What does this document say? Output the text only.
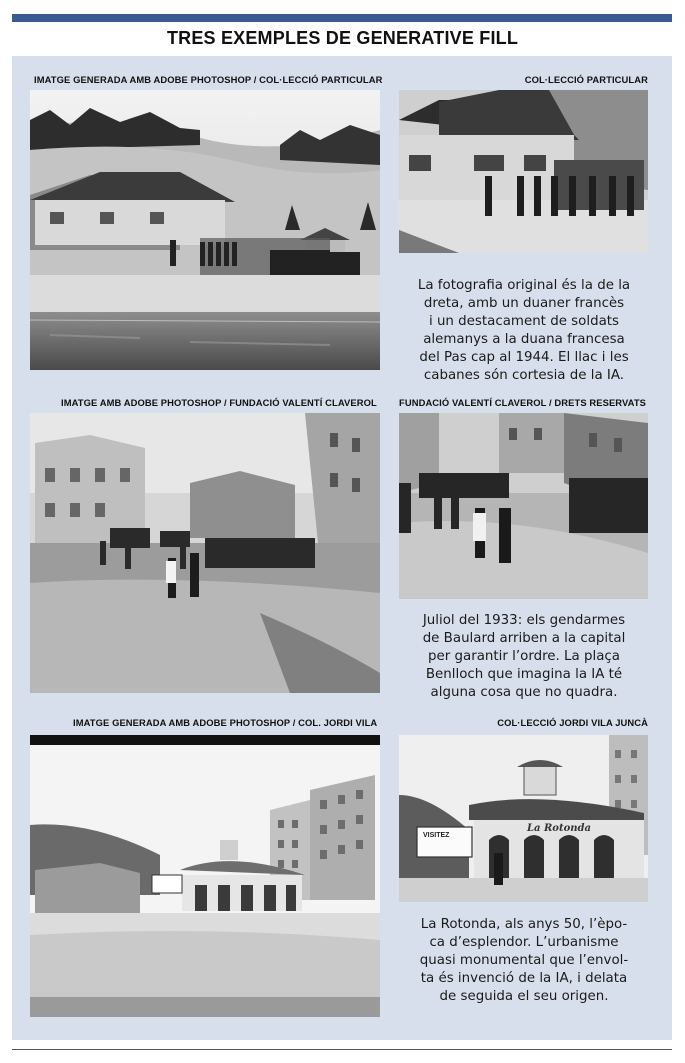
TRES EXEMPLES DE GENERATIVE FILL
IMATGE GENERADA AMB ADOBE PHOTOSHOP / COL·LECCIÓ PARTICULAR	COL·LECCIÓ PARTICULAR
La fotografia original és la de la
dreta, amb un duaner francès
i un destacament de soldats
alemanys a la duana francesa
del Pas cap al 1944. El llac i les
cabanes són cortesia de la IA.
IMATGE AMB ADOBE PHOTOSHOP / FUNDACIÓ VALENTÍ CLAVEROL FUNDACIÓ VALENTÍ CLAVEROL / DRETS RESERVATS
Juliol del 1933: els gendarmes
de Baulard arriben a la capital
per garantir l’ordre. La plaça
Benlloch que imagina la IA té
alguna cosa que no quadra.
IMATGE GENERADA AMB ADOBE PHOTOSHOP / COL. JORDI VILA	COL·LECCIÓ JORDI VILA JUNCÀ
VISITEZ
La Rotonda
La Rotonda, als anys 50, l’èpo-
ca d’esplendor. L’urbanisme
quasi monumental que l’envol-
ta és invenció de la IA, i delata
de seguida el seu origen.
